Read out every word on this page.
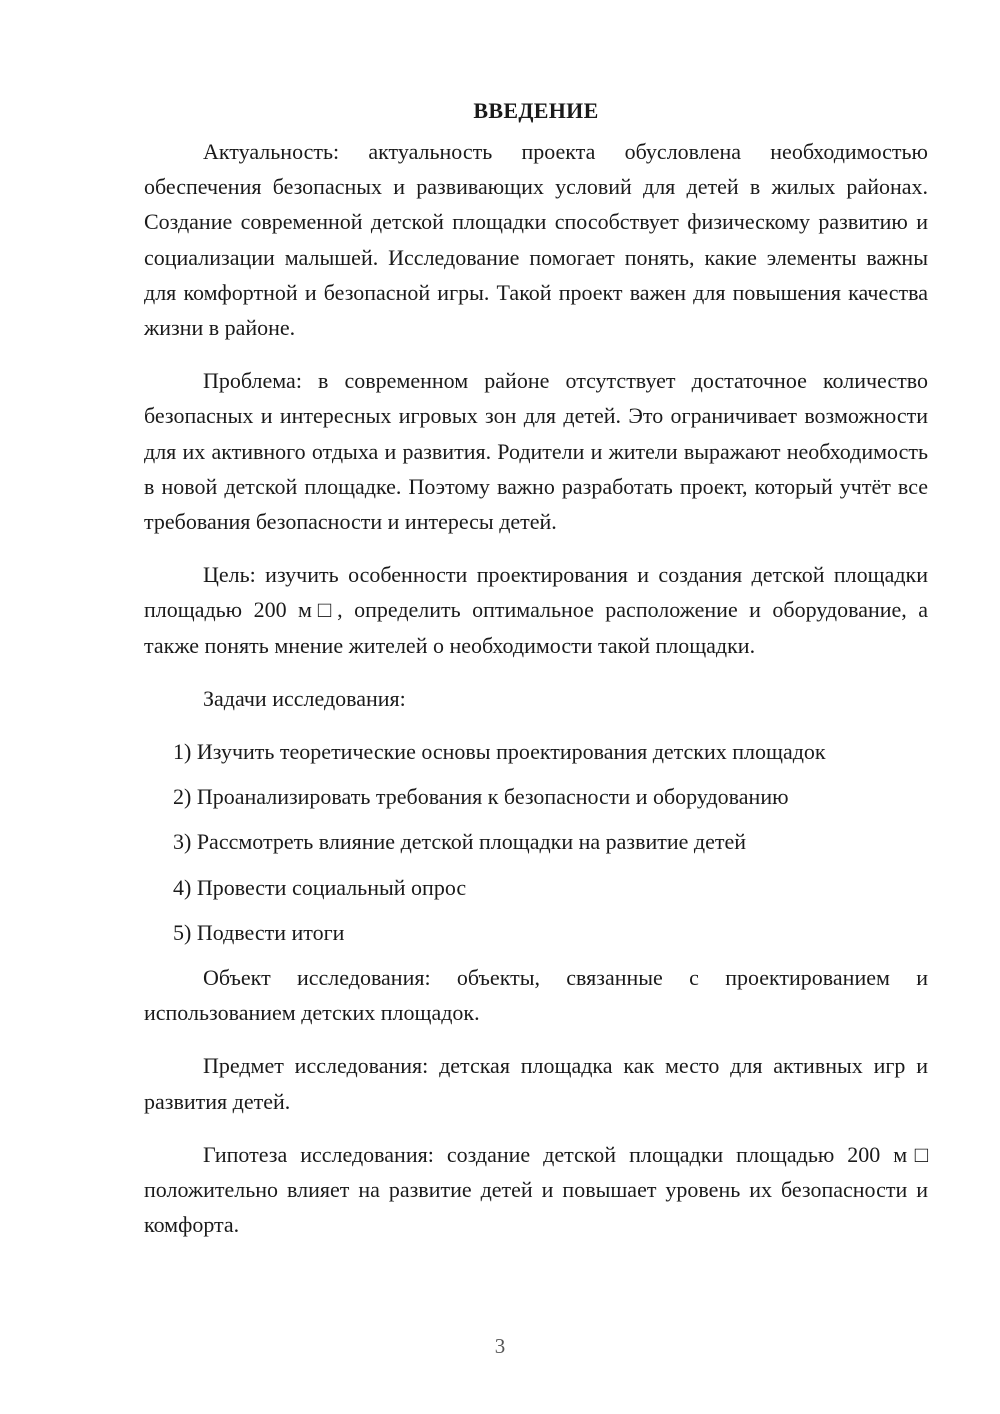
ВВЕДЕНИЕ

Актуальность: актуальность проекта обусловлена необходимостью обеспечения безопасных и развивающих условий для детей в жилых районах. Создание современной детской площадки способствует физическому развитию и социализации малышей. Исследование помогает понять, какие элементы важны для комфортной и безопасной игры. Такой проект важен для повышения качества жизни в районе.

Проблема: в современном районе отсутствует достаточное количество безопасных и интересных игровых зон для детей. Это ограничивает возможности для их активного отдыха и развития. Родители и жители выражают необходимость в новой детской площадке. Поэтому важно разработать проект, который учтёт все требования безопасности и интересы детей.

Цель: изучить особенности проектирования и создания детской площадки площадью 200 м□, определить оптимальное расположение и оборудование, а также понять мнение жителей о необходимости такой площадки.

Задачи исследования:

1) Изучить теоретические основы проектирования детских площадок
2) Проанализировать требования к безопасности и оборудованию
3) Рассмотреть влияние детской площадки на развитие детей
4) Провести социальный опрос
5) Подвести итоги

Объект исследования: объекты, связанные с проектированием и использованием детских площадок.

Предмет исследования: детская площадка как место для активных игр и развития детей.

Гипотеза исследования: создание детской площадки площадью 200 м□ положительно влияет на развитие детей и повышает уровень их безопасности и комфорта.

3
